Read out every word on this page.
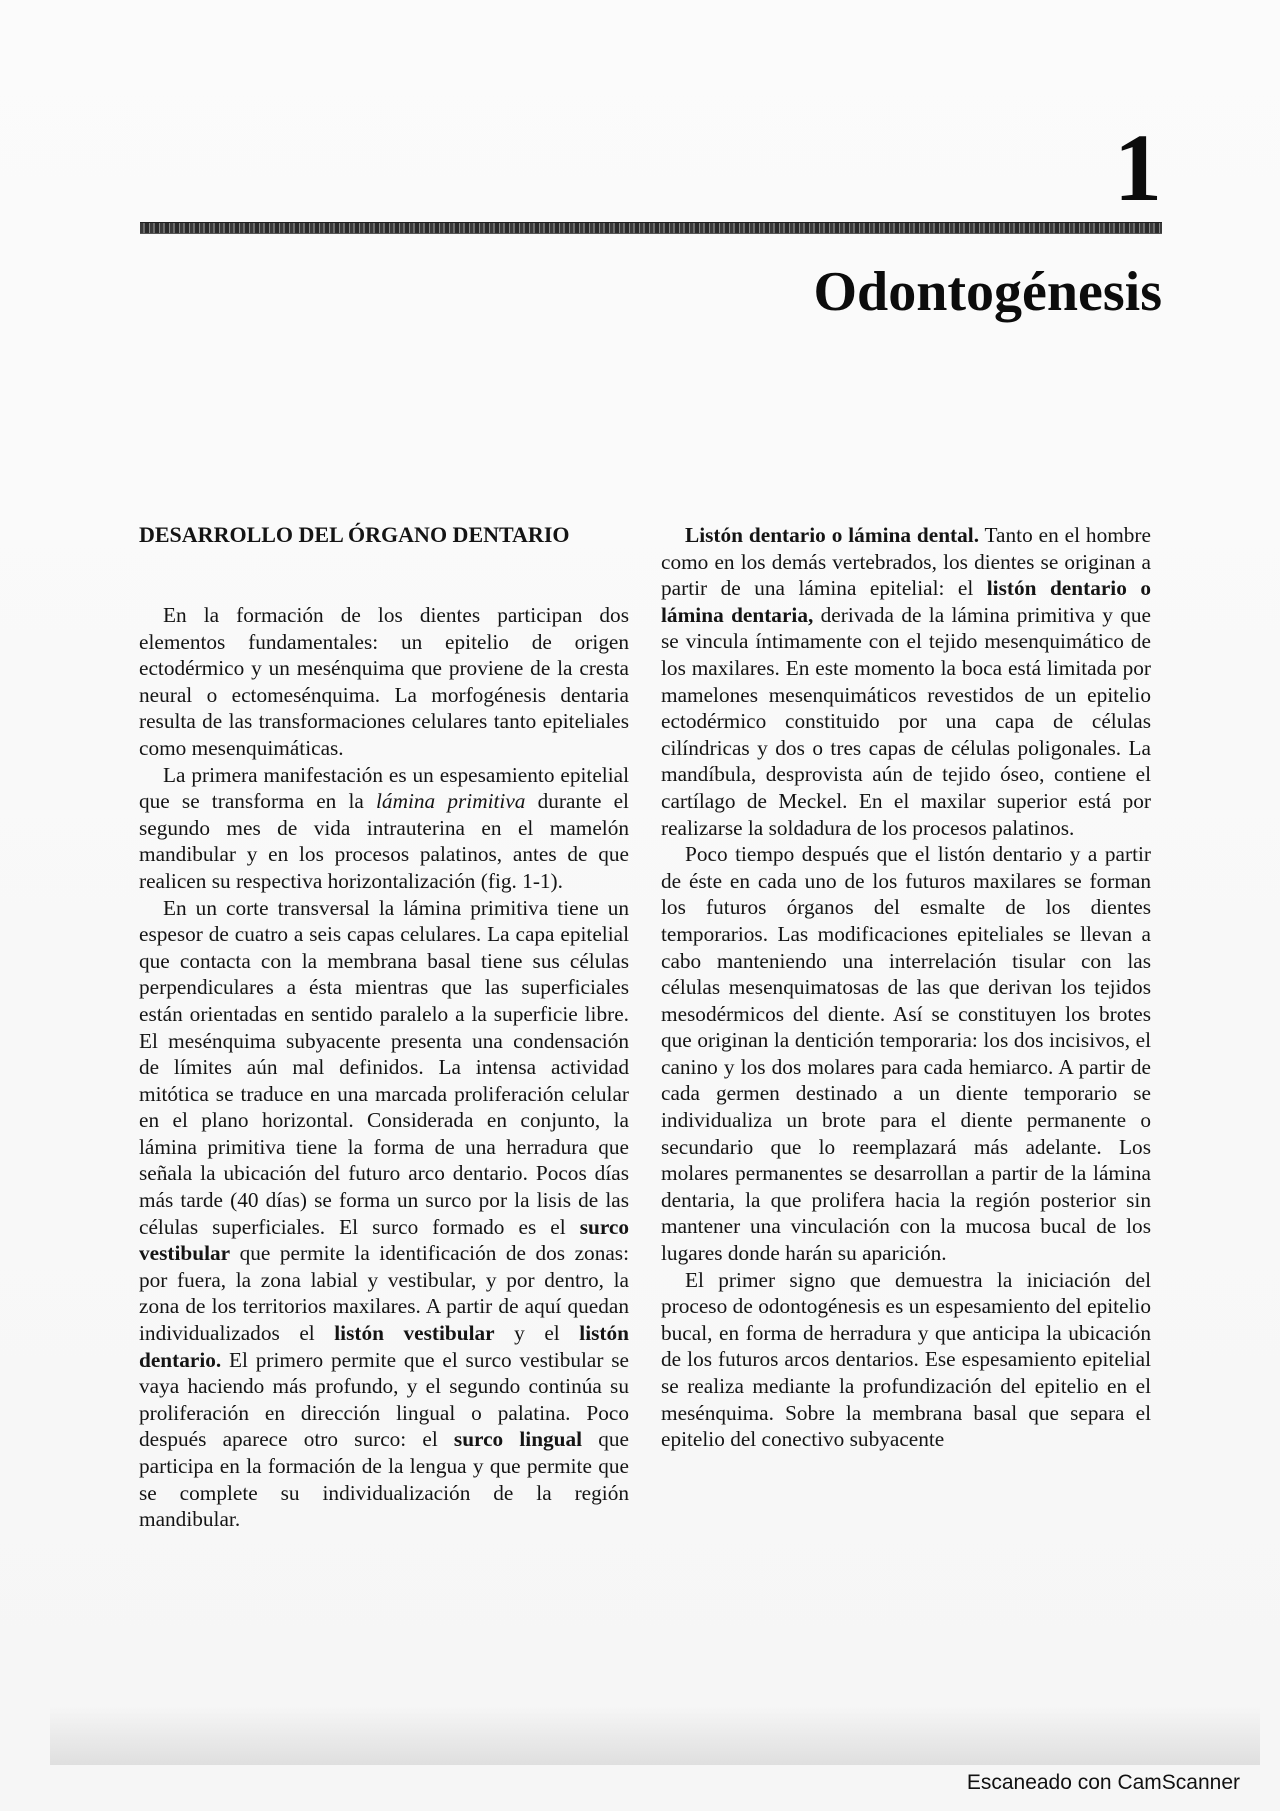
1
Odontogénesis
DESARROLLO DEL ÓRGANO DENTARIO

En la formación de los dientes participan dos elementos fundamentales: un epitelio de origen ectodérmico y un mesénquima que proviene de la cresta neural o ectomesénquima. La morfogénesis dentaria resulta de las transformaciones celulares tanto epiteliales como mesenquimáticas.

La primera manifestación es un espesamiento epitelial que se transforma en la lámina primitiva durante el segundo mes de vida intrauterina en el mamelón mandibular y en los procesos palatinos, antes de que realicen su respectiva horizontalización (fig. 1-1).

En un corte transversal la lámina primitiva tiene un espesor de cuatro a seis capas celulares. La capa epitelial que contacta con la membrana basal tiene sus células perpendiculares a ésta mientras que las superficiales están orientadas en sentido paralelo a la superficie libre. El mesénquima subyacente presenta una condensación de límites aún mal definidos. La intensa actividad mitótica se traduce en una marcada proliferación celular en el plano horizontal. Considerada en conjunto, la lámina primitiva tiene la forma de una herradura que señala la ubicación del futuro arco dentario. Pocos días más tarde (40 días) se forma un surco por la lisis de las células superficiales. El surco formado es el surco vestibular que permite la identificación de dos zonas: por fuera, la zona labial y vestibular, y por dentro, la zona de los territorios maxilares. A partir de aquí quedan individualizados el listón vestibular y el listón dentario. El primero permite que el surco vestibular se vaya haciendo más profundo, y el segundo continúa su proliferación en dirección lingual o palatina. Poco después aparece otro surco: el surco lingual que participa en la formación de la lengua y que permite que se complete su individualización de la región mandibular.

Listón dentario o lámina dental. Tanto en el hombre como en los demás vertebrados, los dientes se originan a partir de una lámina epitelial: el listón dentario o lámina dentaria, derivada de la lámina primitiva y que se vincula íntimamente con el tejido mesenquimático de los maxilares. En este momento la boca está limitada por mamelones mesenquimáticos revestidos de un epitelio ectodérmico constituido por una capa de células cilíndricas y dos o tres capas de células poligonales. La mandíbula, desprovista aún de tejido óseo, contiene el cartílago de Meckel. En el maxilar superior está por realizarse la soldadura de los procesos palatinos.

Poco tiempo después que el listón dentario y a partir de éste en cada uno de los futuros maxilares se forman los futuros órganos del esmalte de los dientes temporarios. Las modificaciones epiteliales se llevan a cabo manteniendo una interrelación tisular con las células mesenquimatosas de las que derivan los tejidos mesodérmicos del diente. Así se constituyen los brotes que originan la dentición temporaria: los dos incisivos, el canino y los dos molares para cada hemiarco. A partir de cada germen destinado a un diente temporario se individualiza un brote para el diente permanente o secundario que lo reemplazará más adelante. Los molares permanentes se desarrollan a partir de la lámina dentaria, la que prolifera hacia la región posterior sin mantener una vinculación con la mucosa bucal de los lugares donde harán su aparición.

El primer signo que demuestra la iniciación del proceso de odontogénesis es un espesamiento del epitelio bucal, en forma de herradura y que anticipa la ubicación de los futuros arcos dentarios. Ese espesamiento epitelial se realiza mediante la profundización del epitelio en el mesénquima. Sobre la membrana basal que separa el epitelio del conectivo subyacente

Escaneado con CamScanner
